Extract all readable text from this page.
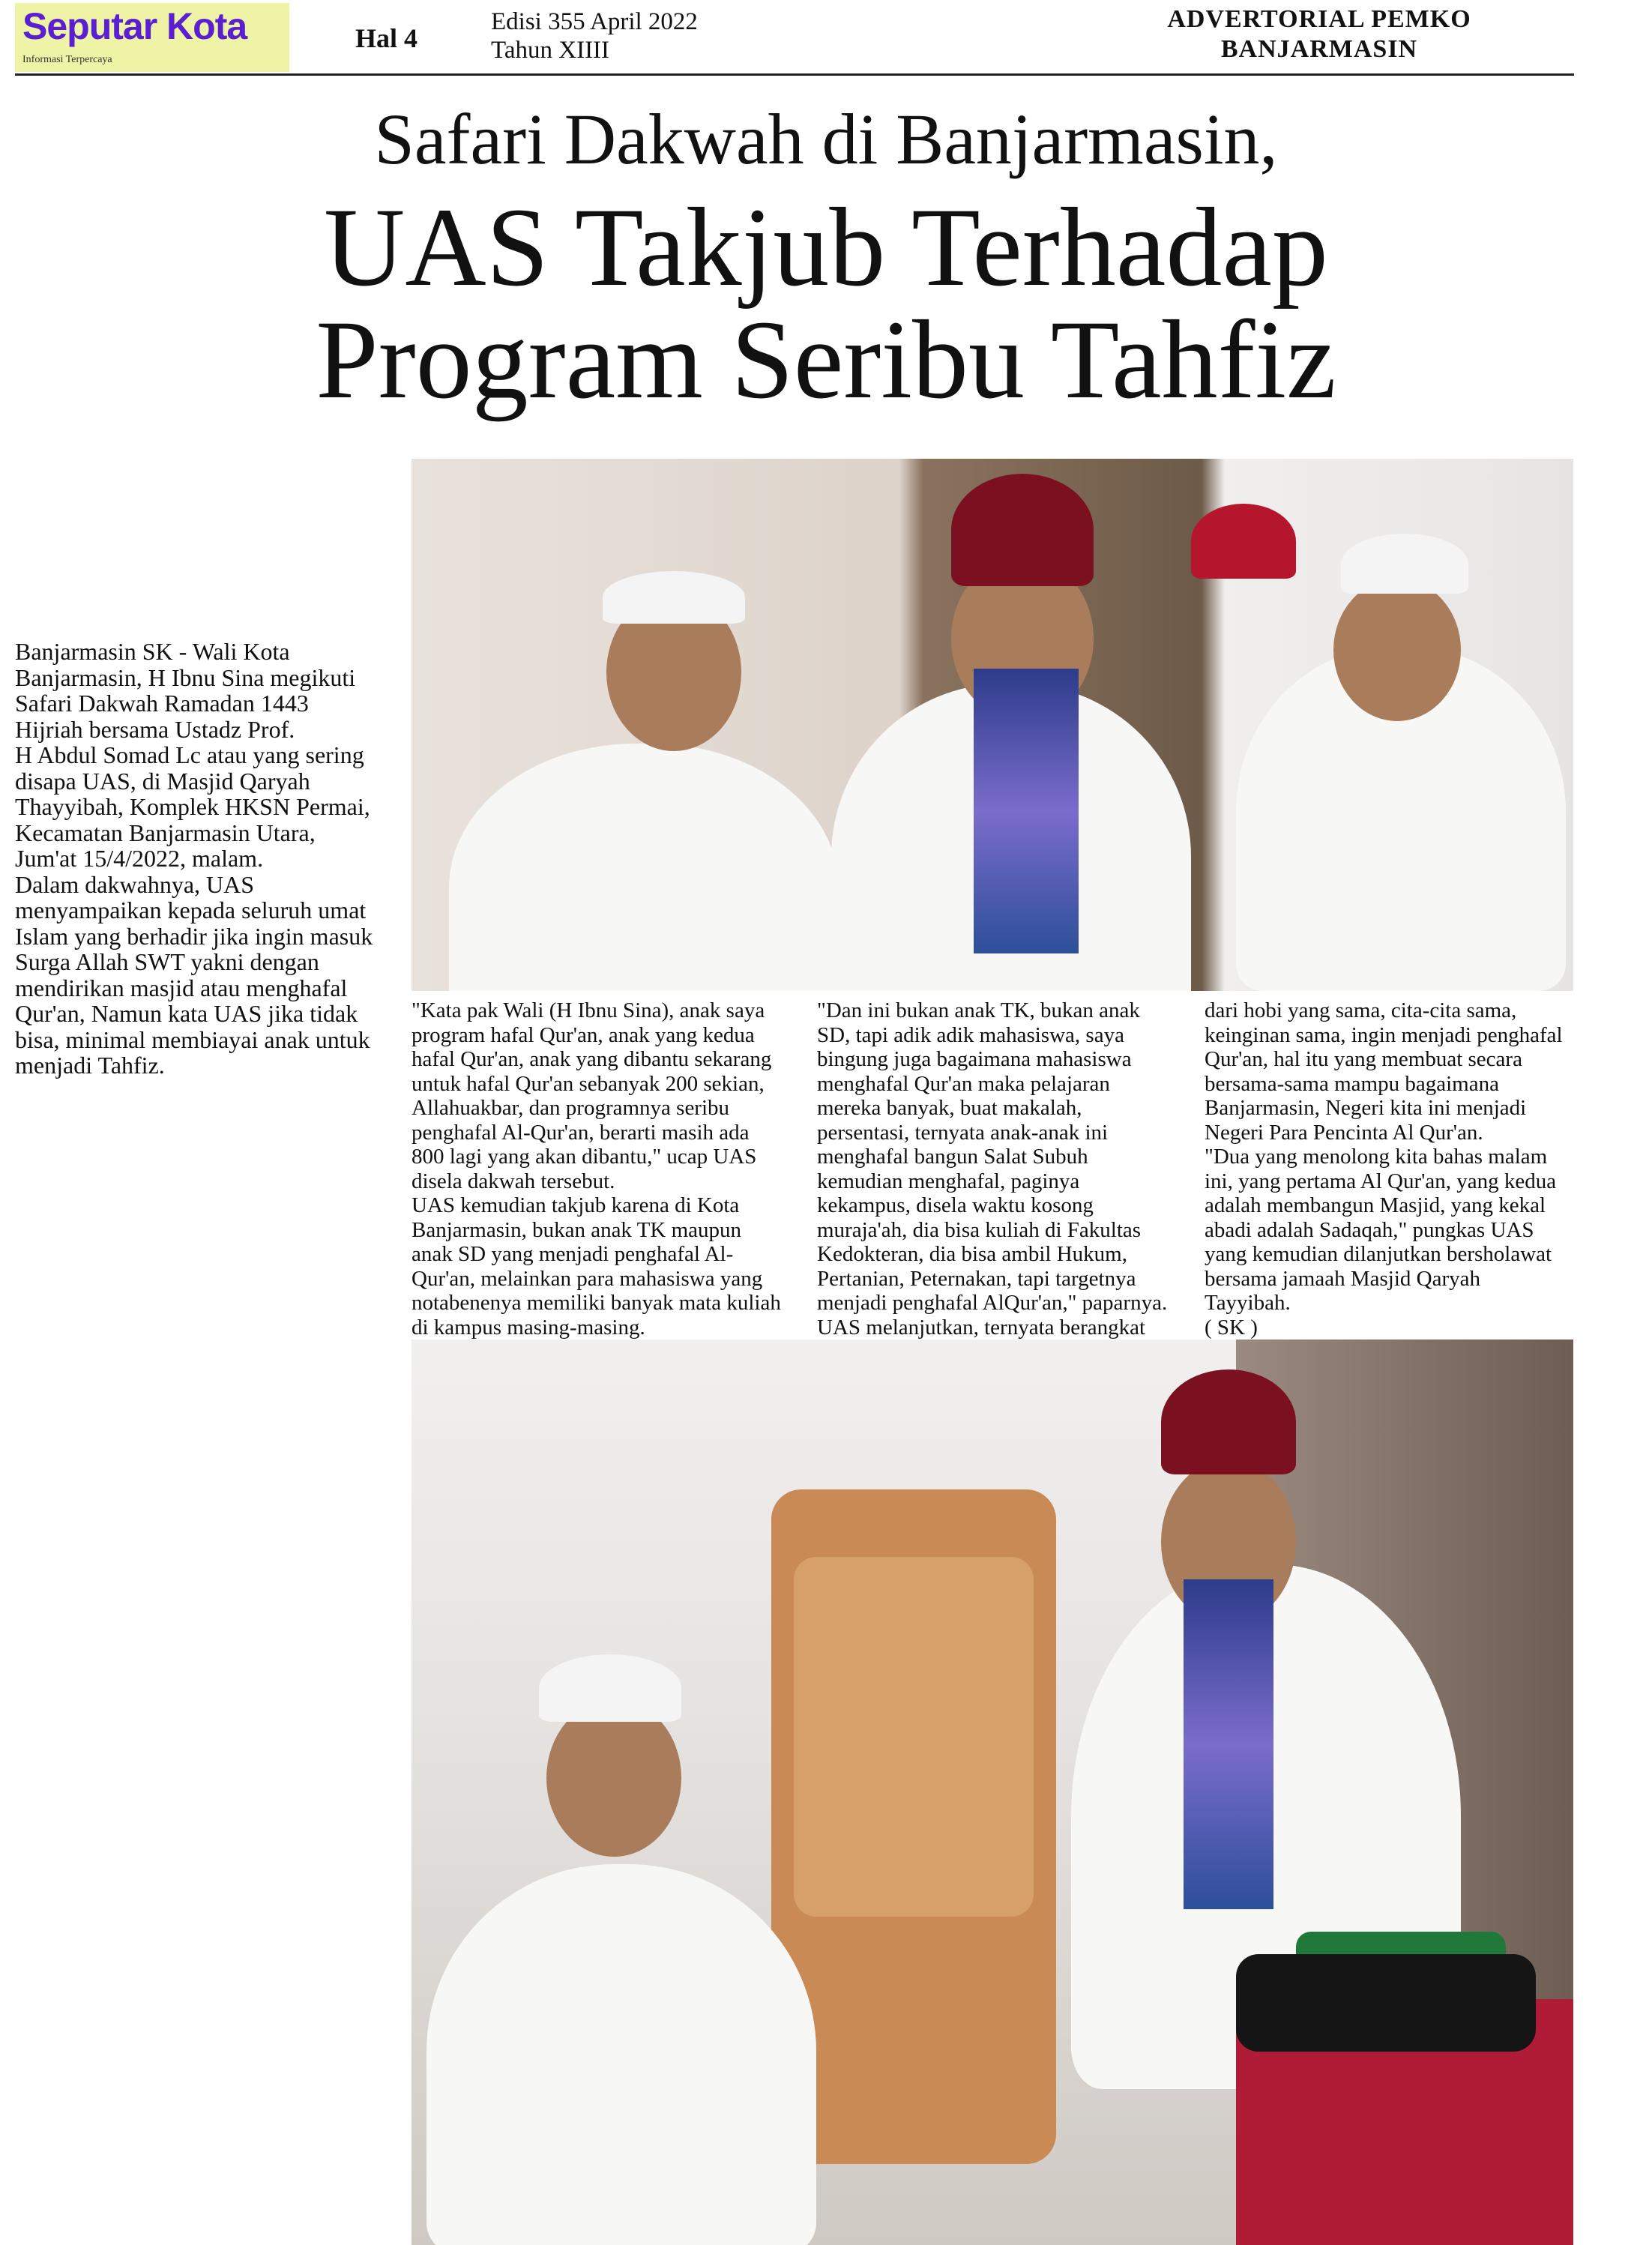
Seputar Kota
Informasi Terpercaya
Hal 4
Edisi 355 April 2022
Tahun XIIII
ADVERTORIAL PEMKO
BANJARMASIN
Safari Dakwah di Banjarmasin,
UAS Takjub Terhadap
Program Seribu Tahfiz
Banjarmasin SK - Wali Kota
Banjarmasin, H Ibnu Sina megikuti
Safari Dakwah Ramadan 1443
Hijriah bersama Ustadz Prof.
H Abdul Somad Lc atau yang sering
disapa UAS, di Masjid Qaryah
Thayyibah, Komplek HKSN Permai,
Kecamatan Banjarmasin Utara,
Jum'at 15/4/2022, malam.
Dalam dakwahnya, UAS
menyampaikan kepada seluruh umat
Islam yang berhadir jika ingin masuk
Surga Allah SWT yakni dengan
mendirikan masjid atau menghafal
Qur'an, Namun kata UAS jika tidak
bisa, minimal membiayai anak untuk
menjadi Tahfiz.
"Kata pak Wali (H Ibnu Sina), anak saya
program hafal Qur'an, anak yang kedua
hafal Qur'an, anak yang dibantu sekarang
untuk hafal Qur'an sebanyak 200 sekian,
Allahuakbar, dan programnya seribu
penghafal Al-Qur'an, berarti masih ada
800 lagi yang akan dibantu," ucap UAS
disela dakwah tersebut.
UAS kemudian takjub karena di Kota
Banjarmasin, bukan anak TK maupun
anak SD yang menjadi penghafal Al-
Qur'an, melainkan para mahasiswa yang
notabenenya memiliki banyak mata kuliah
di kampus masing-masing.
"Dan ini bukan anak TK, bukan anak
SD, tapi adik adik mahasiswa, saya
bingung juga bagaimana mahasiswa
menghafal Qur'an maka pelajaran
mereka banyak, buat makalah,
persentasi, ternyata anak-anak ini
menghafal bangun Salat Subuh
kemudian menghafal, paginya
kekampus, disela waktu kosong
muraja'ah, dia bisa kuliah di Fakultas
Kedokteran, dia bisa ambil Hukum,
Pertanian, Peternakan, tapi targetnya
menjadi penghafal AlQur'an," paparnya.
UAS melanjutkan, ternyata berangkat
dari hobi yang sama, cita-cita sama,
keinginan sama, ingin menjadi penghafal
Qur'an, hal itu yang membuat secara
bersama-sama mampu bagaimana
Banjarmasin, Negeri kita ini menjadi
Negeri Para Pencinta Al Qur'an.
"Dua yang menolong kita bahas malam
ini, yang pertama Al Qur'an, yang kedua
adalah membangun Masjid, yang kekal
abadi adalah Sadaqah," pungkas UAS
yang kemudian dilanjutkan bersholawat
bersama jamaah Masjid Qaryah
Tayyibah.
( SK )
